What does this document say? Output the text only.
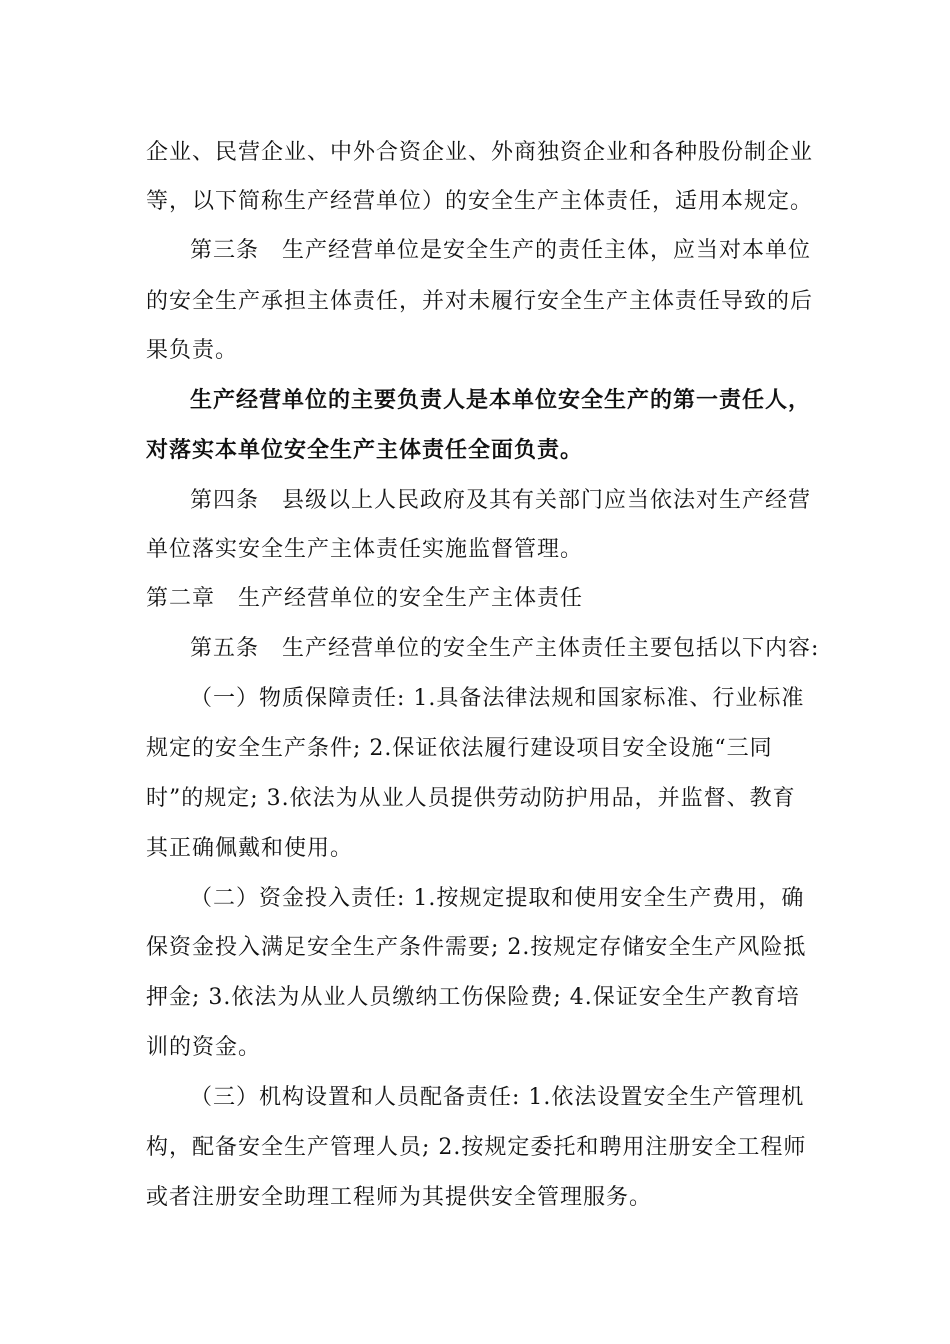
企业、民营企业、中外合资企业、外商独资企业和各种股份制企业
等，以下简称生产经营单位）的安全生产主体责任，适用本规定。
第三条　生产经营单位是安全生产的责任主体，应当对本单位
的安全生产承担主体责任，并对未履行安全生产主体责任导致的后
果负责。
生产经营单位的主要负责人是本单位安全生产的第一责任人，
对落实本单位安全生产主体责任全面负责。
第四条　县级以上人民政府及其有关部门应当依法对生产经营
单位落实安全生产主体责任实施监督管理。
第二章　生产经营单位的安全生产主体责任
第五条　生产经营单位的安全生产主体责任主要包括以下内容:
（一）物质保障责任: 1.具备法律法规和国家标准、行业标准
规定的安全生产条件; 2.保证依法履行建设项目安全设施“三同
时”的规定; 3.依法为从业人员提供劳动防护用品，并监督、教育
其正确佩戴和使用。
（二）资金投入责任: 1.按规定提取和使用安全生产费用，确
保资金投入满足安全生产条件需要; 2.按规定存储安全生产风险抵
押金; 3.依法为从业人员缴纳工伤保险费; 4.保证安全生产教育培
训的资金。
（三）机构设置和人员配备责任: 1.依法设置安全生产管理机
构，配备安全生产管理人员; 2.按规定委托和聘用注册安全工程师
或者注册安全助理工程师为其提供安全管理服务。
